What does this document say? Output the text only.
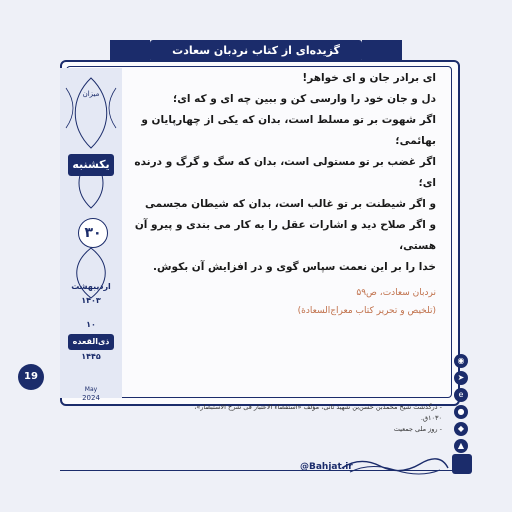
گزیده‌ای از کتاب نردبان سعادت
میزان
یکشنبه
۳۰
اردیبهشت
۱۴۰۳
۱۰
ذی‌القعده
۱۴۴۵
19
May
2024
ای برادر جان و ای خواهر!
دل و جان خود را وارسی کن و ببین چه ای و که ای؛
اگر شهوت بر تو مسلط است، بدان که یکی از چهارپایان و بهائمی؛
اگر غضب بر تو مستولی است، بدان که سگ و گرگ و درنده ای؛
و اگر شیطنت بر تو غالب است، بدان که شیطان مجسمی
و اگر صلاح دید و اشارات عقل را به کار می بندی و پیرو آن هستی،
خدا را بر این نعمت سپاس گوی و در افزایش آن بکوش.
نردبان سعادت، ص۵۹
(تلخیص و تحریر کتاب معراج‌السعادة)
- درگذشت شیخ محمدبن حسن‌بن شهید ثانی، مؤلف «استقصاء الاعتبار فی شرح الاستبصار»، ۱۰۳۰ق.
- روز ملی جمعیت
◉
➤
e
●
◆
▲
@Bahjat.ir
